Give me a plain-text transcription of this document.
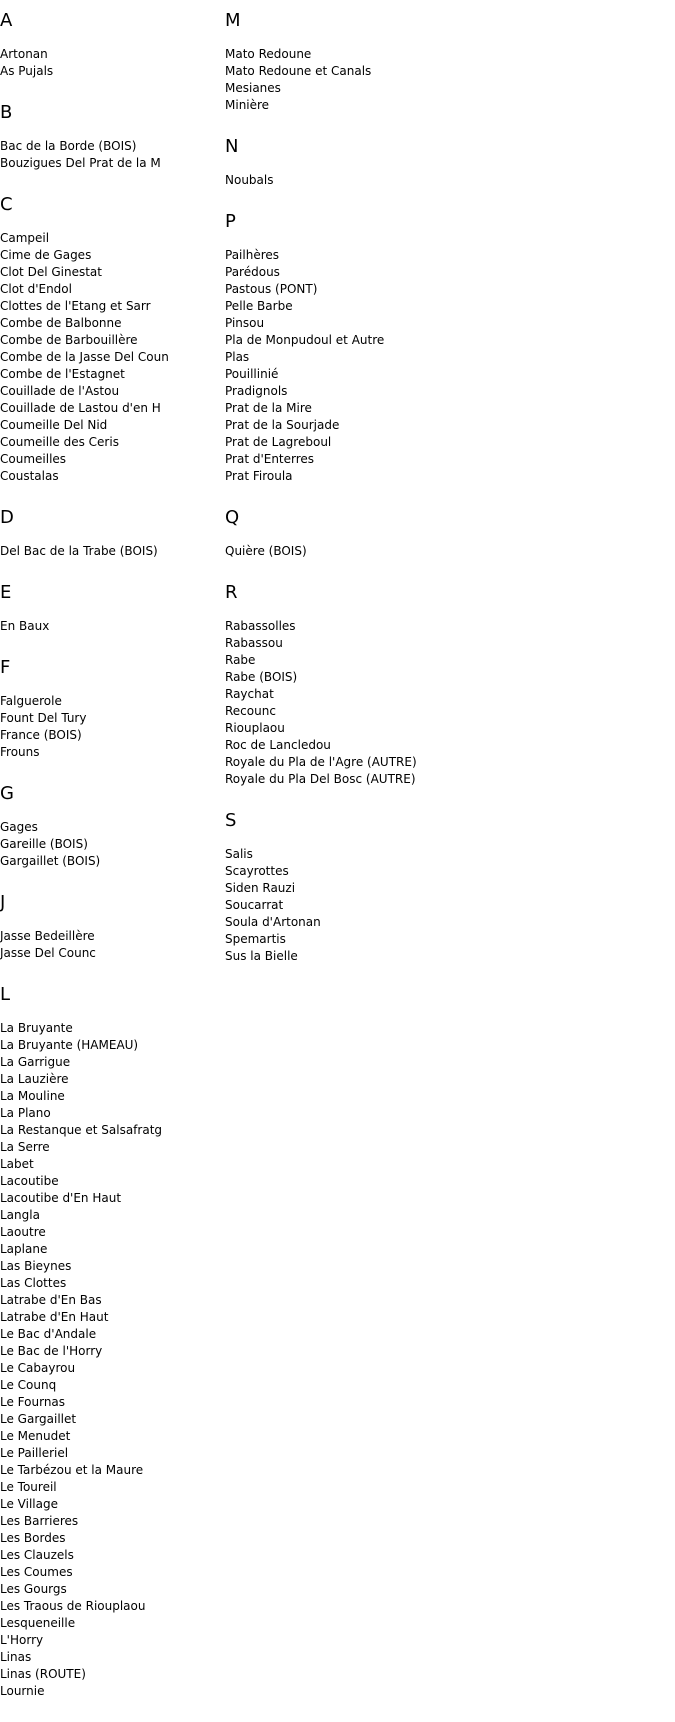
A
Artonan
As Pujals
B
Bac de la Borde (BOIS)
Bouzigues Del Prat de la M
C
Campeil
Cime de Gages
Clot Del Ginestat
Clot d'Endol
Clottes de l'Etang et Sarr
Combe de Balbonne
Combe de Barbouillère
Combe de la Jasse Del Coun
Combe de l'Estagnet
Couillade de l'Astou
Couillade de Lastou d'en H
Coumeille Del Nid
Coumeille des Ceris
Coumeilles
Coustalas
D
Del Bac de la Trabe (BOIS)
E
En Baux
F
Falguerole
Fount Del Tury
France (BOIS)
Frouns
G
Gages
Gareille (BOIS)
Gargaillet (BOIS)
J
Jasse Bedeillère
Jasse Del Counc
L
La Bruyante
La Bruyante (HAMEAU)
La Garrigue
La Lauzière
La Mouline
La Plano
La Restanque et Salsafratg
La Serre
Labet
Lacoutibe
Lacoutibe d'En Haut
Langla
Laoutre
Laplane
Las Bieynes
Las Clottes
Latrabe d'En Bas
Latrabe d'En Haut
Le Bac d'Andale
Le Bac de l'Horry
Le Cabayrou
Le Counq
Le Fournas
Le Gargaillet
Le Menudet
Le Pailleriel
Le Tarbézou et la Maure
Le Toureil
Le Village
Les Barrieres
Les Bordes
Les Clauzels
Les Coumes
Les Gourgs
Les Traous de Riouplaou
Lesqueneille
L'Horry
Linas
Linas (ROUTE)
Lournie
M
Mato Redoune
Mato Redoune et Canals
Mesianes
Minière
N
Noubals
P
Pailhères
Parédous
Pastous (PONT)
Pelle Barbe
Pinsou
Pla de Monpudoul et Autre
Plas
Pouillinié
Pradignols
Prat de la Mire
Prat de la Sourjade
Prat de Lagreboul
Prat d'Enterres
Prat Firoula
Q
Quière (BOIS)
R
Rabassolles
Rabassou
Rabe
Rabe (BOIS)
Raychat
Recounc
Riouplaou
Roc de Lancledou
Royale du Pla de l'Agre (AUTRE)
Royale du Pla Del Bosc (AUTRE)
S
Salis
Scayrottes
Siden Rauzi
Soucarrat
Soula d'Artonan
Spemartis
Sus la Bielle
